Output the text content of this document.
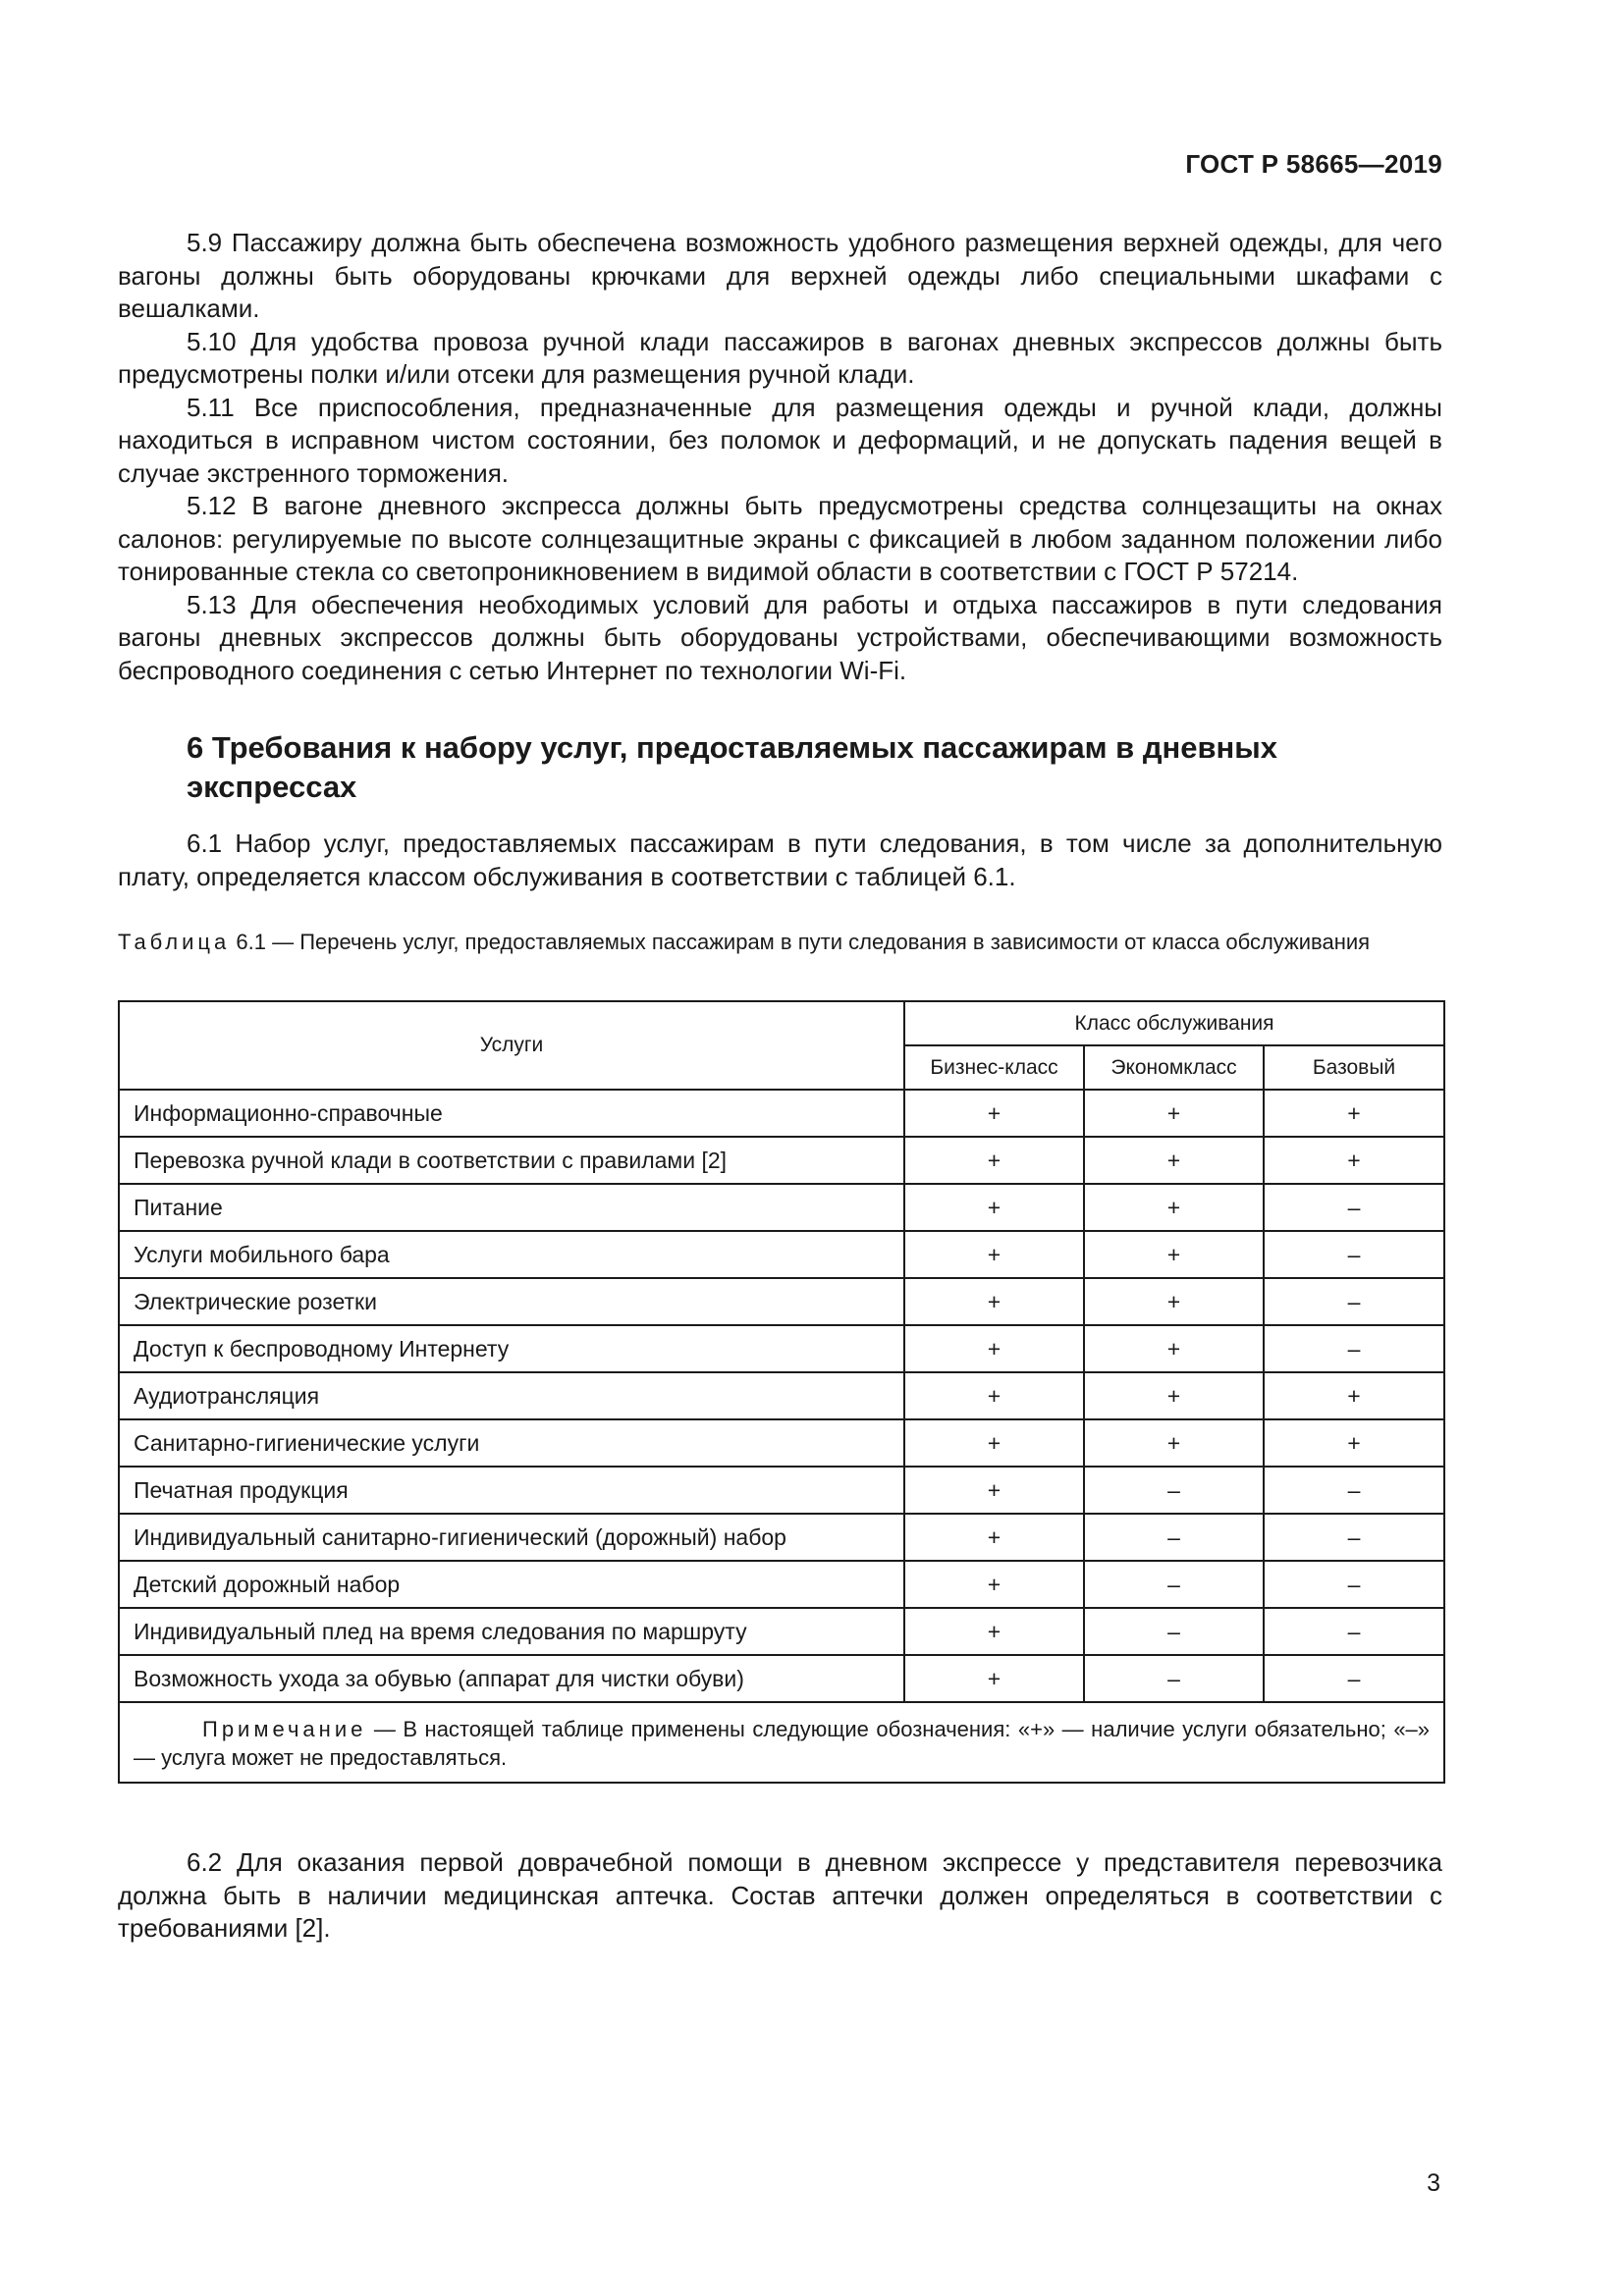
ГОСТ Р 58665—2019

5.9 Пассажиру должна быть обеспечена возможность удобного размещения верхней одежды, для чего вагоны должны быть оборудованы крючками для верхней одежды либо специальными шкафами с вешалками.

5.10 Для удобства провоза ручной клади пассажиров в вагонах дневных экспрессов должны быть предусмотрены полки и/или отсеки для размещения ручной клади.

5.11 Все приспособления, предназначенные для размещения одежды и ручной клади, должны находиться в исправном чистом состоянии, без поломок и деформаций, и не допускать падения вещей в случае экстренного торможения.

5.12 В вагоне дневного экспресса должны быть предусмотрены средства солнцезащиты на окнах салонов: регулируемые по высоте солнцезащитные экраны с фиксацией в любом заданном положении либо тонированные стекла со светопроникновением в видимой области в соответствии с ГОСТ Р 57214.

5.13 Для обеспечения необходимых условий для работы и отдыха пассажиров в пути следования вагоны дневных экспрессов должны быть оборудованы устройствами, обеспечивающими возможность беспроводного соединения с сетью Интернет по технологии Wi-Fi.

6 Требования к набору услуг, предоставляемых пассажирам в дневных экспрессах

6.1 Набор услуг, предоставляемых пассажирам в пути следования, в том числе за дополнительную плату, определяется классом обслуживания в соответствии с таблицей 6.1.

Таблица 6.1 — Перечень услуг, предоставляемых пассажирам в пути следования в зависимости от класса обслуживания
Услуги	Класс обслуживания		
	Бизнес-класс	Экономкласс	Базовый
Информационно-справочные	+	+	+
Перевозка ручной клади в соответствии с правилами [2]	+	+	+
Питание	+	+	–
Услуги мобильного бара	+	+	–
Электрические розетки	+	+	–
Доступ к беспроводному Интернету	+	+	–
Аудиотрансляция	+	+	+
Санитарно-гигиенические услуги	+	+	+
Печатная продукция	+	–	–
Индивидуальный санитарно-гигиенический (дорожный) набор	+	–	–
Детский дорожный набор	+	–	–
Индивидуальный плед на время следования по маршруту	+	–	–
Возможность ухода за обувью (аппарат для чистки обуви)	+	–	–
Примечание — В настоящей таблице применены следующие обозначения: «+» — наличие услуги обязательно; «–» — услуга может не предоставляться.			

6.2 Для оказания первой доврачебной помощи в дневном экспрессе у представителя перевозчика должна быть в наличии медицинская аптечка. Состав аптечки должен определяться в соответствии с требованиями [2].

3
